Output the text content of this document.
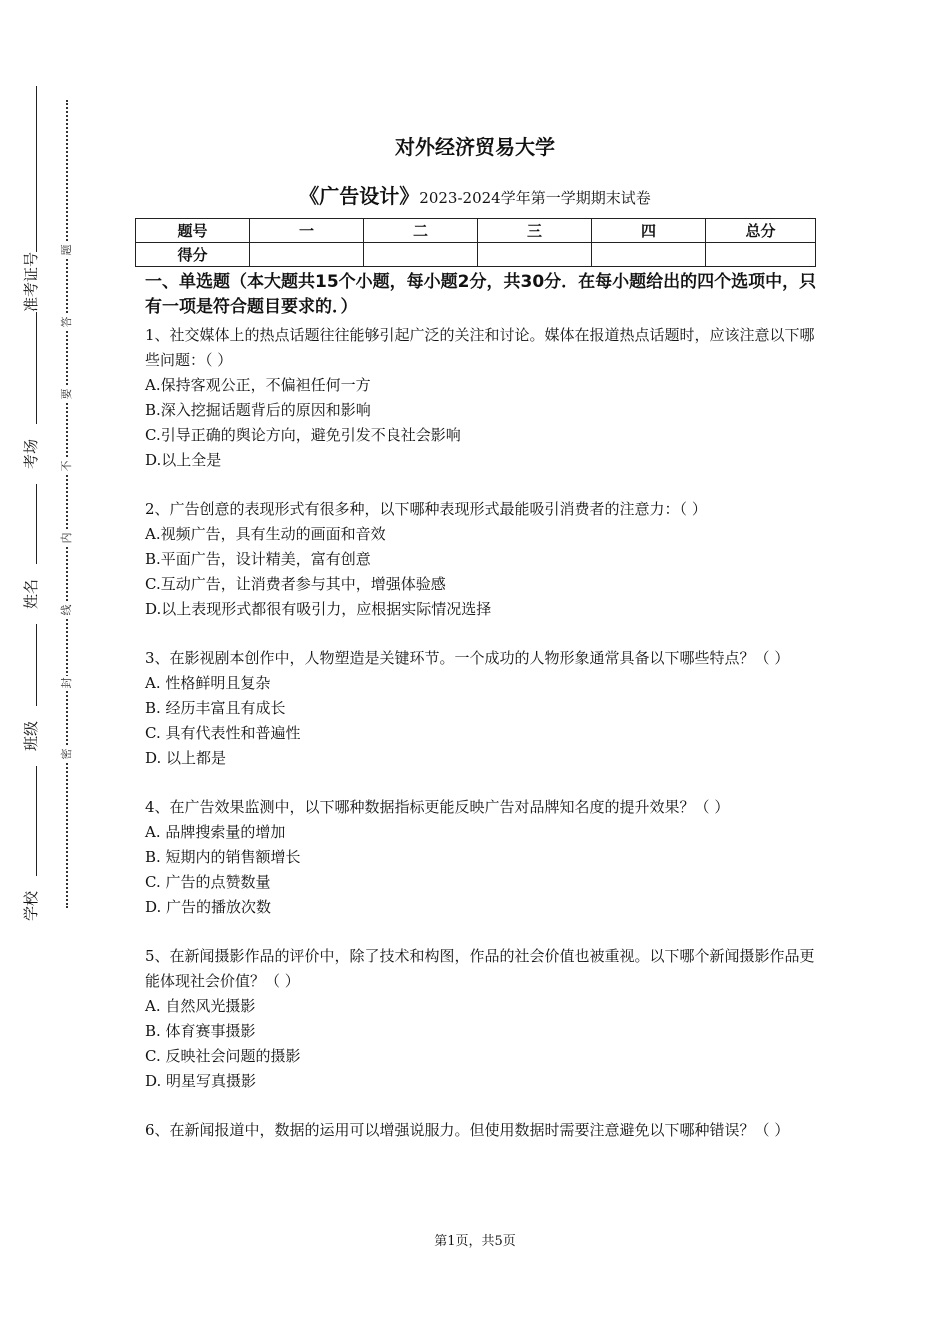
准考证号
考场
姓名
班级
学校
题
答
要
不
内
线
封
密
对外经济贸易大学
《广告设计》2023-2024学年第一学期期末试卷
题号	一	二	三	四	总分
得分					
一、单选题（本大题共15个小题，每小题2分，共30分．在每小题给出的四个选项中，只有一项是符合题目要求的．）
1、社交媒体上的热点话题往往能够引起广泛的关注和讨论。媒体在报道热点话题时，应该注意以下哪些问题：（ ）
A.保持客观公正，不偏袒任何一方
B.深入挖掘话题背后的原因和影响
C.引导正确的舆论方向，避免引发不良社会影响
D.以上全是
2、广告创意的表现形式有很多种，以下哪种表现形式最能吸引消费者的注意力：（ ）
A.视频广告，具有生动的画面和音效
B.平面广告，设计精美，富有创意
C.互动广告，让消费者参与其中，增强体验感
D.以上表现形式都很有吸引力，应根据实际情况选择
3、在影视剧本创作中，人物塑造是关键环节。一个成功的人物形象通常具备以下哪些特点？（ ）
A. 性格鲜明且复杂
B. 经历丰富且有成长
C. 具有代表性和普遍性
D. 以上都是
4、在广告效果监测中，以下哪种数据指标更能反映广告对品牌知名度的提升效果？（ ）
A. 品牌搜索量的增加
B. 短期内的销售额增长
C. 广告的点赞数量
D. 广告的播放次数
5、在新闻摄影作品的评价中，除了技术和构图，作品的社会价值也被重视。以下哪个新闻摄影作品更能体现社会价值？（ ）
A. 自然风光摄影
B. 体育赛事摄影
C. 反映社会问题的摄影
D. 明星写真摄影
6、在新闻报道中，数据的运用可以增强说服力。但使用数据时需要注意避免以下哪种错误？（ ）
第1页，共5页
